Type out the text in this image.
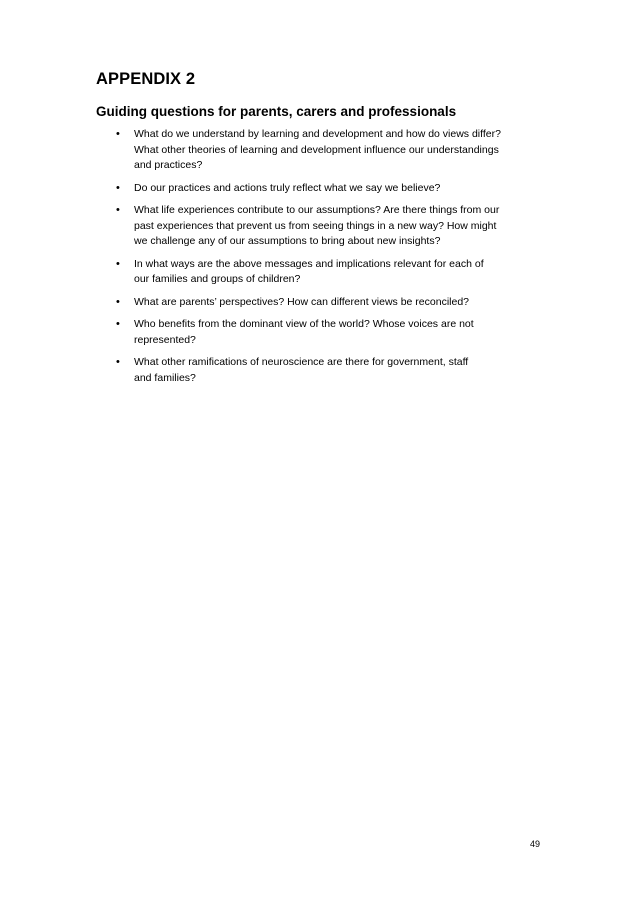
APPENDIX 2
Guiding questions for parents, carers and professionals
• What do we understand by learning and development and how do views differ?
What other theories of learning and development influence our understandings
and practices?
• Do our practices and actions truly reflect what we say we believe?
• What life experiences contribute to our assumptions? Are there things from our
past experiences that prevent us from seeing things in a new way? How might
we challenge any of our assumptions to bring about new insights?
• In what ways are the above messages and implications relevant for each of
our families and groups of children?
• What are parents’ perspectives? How can different views be reconciled?
• Who benefits from the dominant view of the world? Whose voices are not
represented?
• What other ramifications of neuroscience are there for government, staff
and families?
49
